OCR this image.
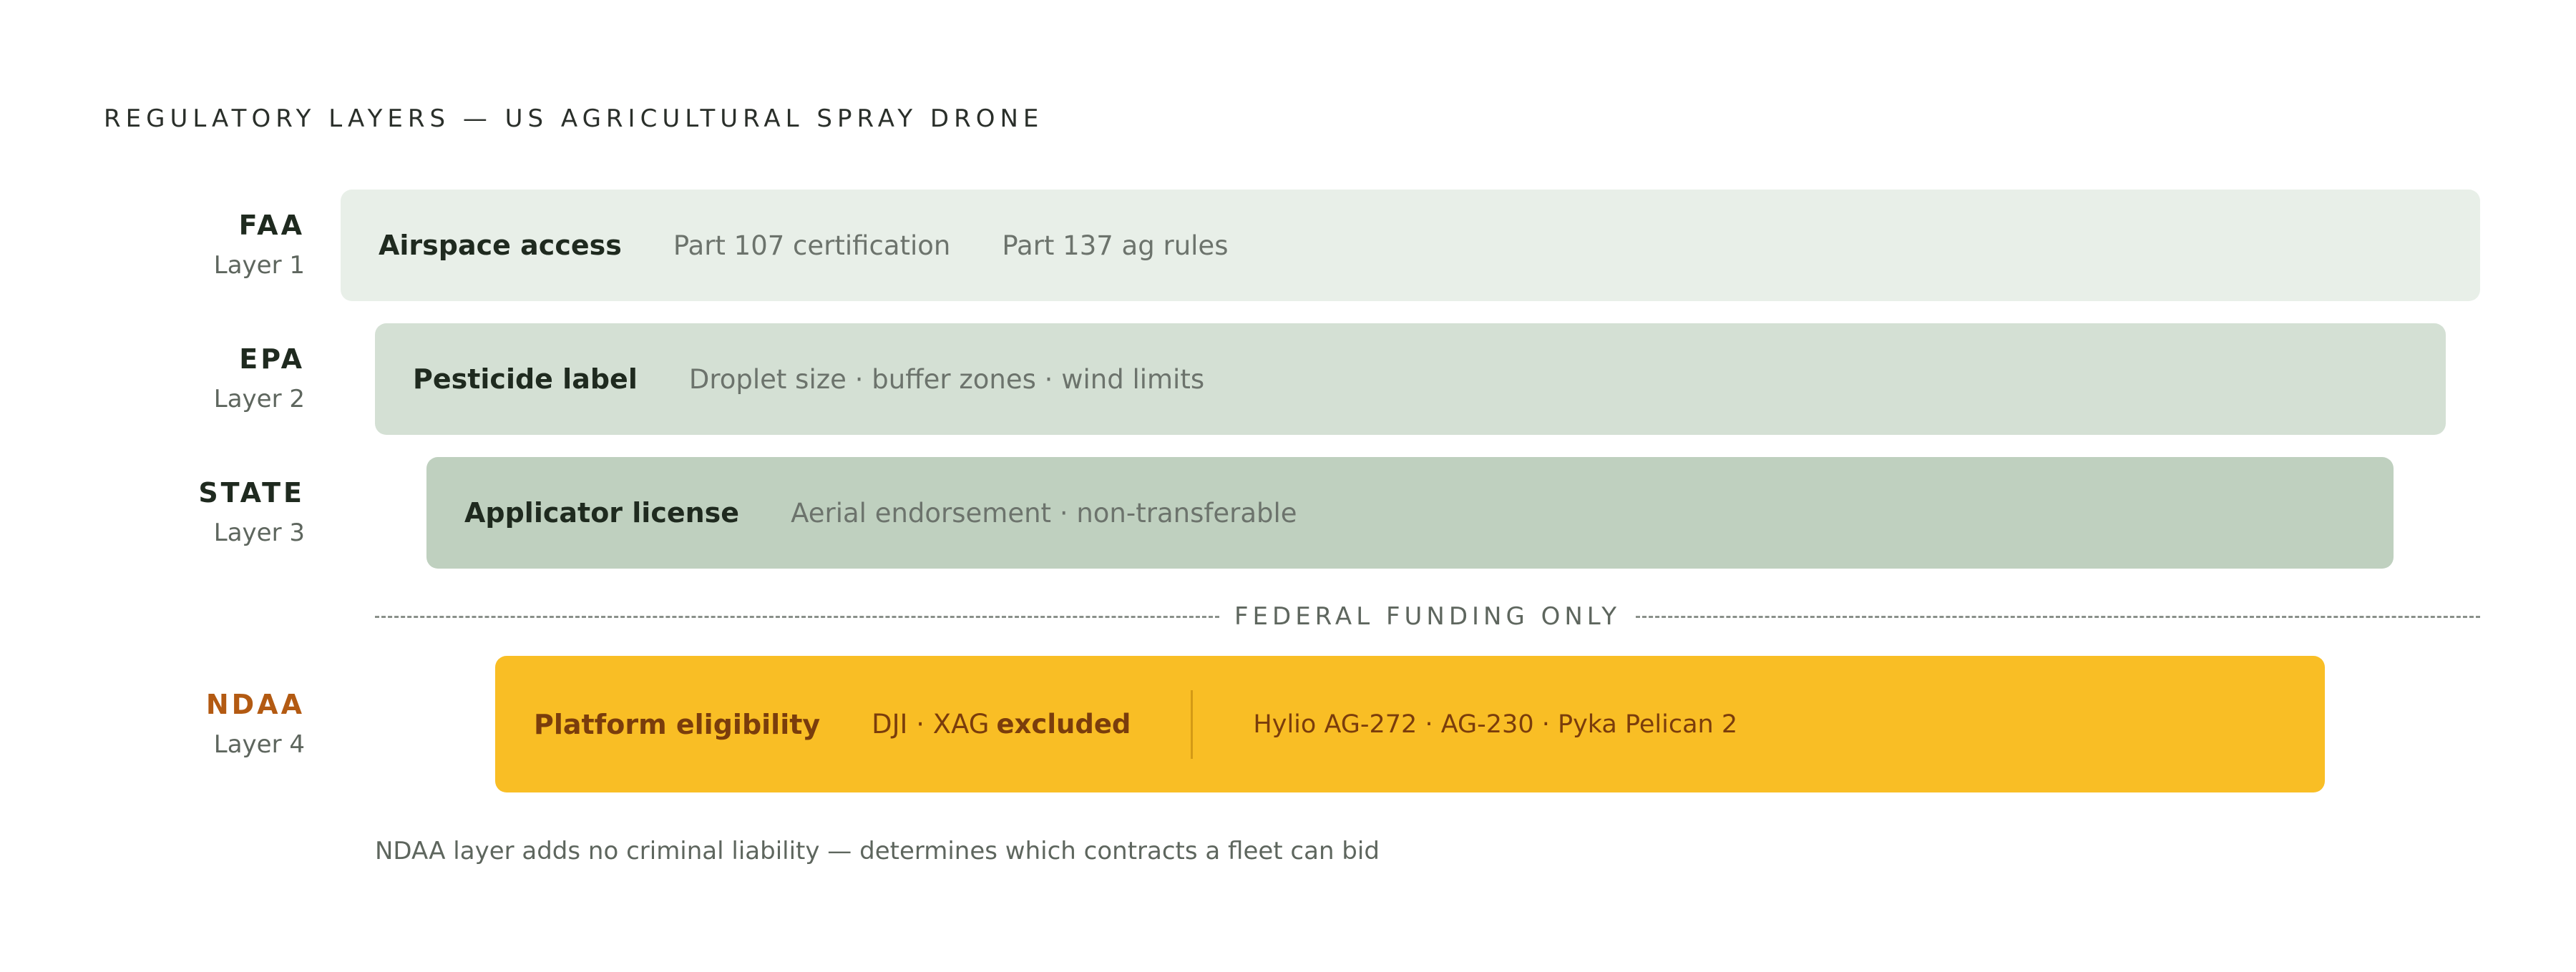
REGULATORY LAYERS — US AGRICULTURAL SPRAY DRONE
FAA
Layer 1
Airspace access Part 107 certification Part 137 ag rules
EPA
Layer 2
Pesticide label Droplet size · buffer zones · wind limits
STATE
Layer 3
Applicator license Aerial endorsement · non-transferable
FEDERAL FUNDING ONLY
NDAA
Layer 4
Platform eligibility DJI · XAG excluded	Hylio AG-272 · AG-230 · Pyka Pelican 2
NDAA layer adds no criminal liability — determines which contracts a fleet can bid
